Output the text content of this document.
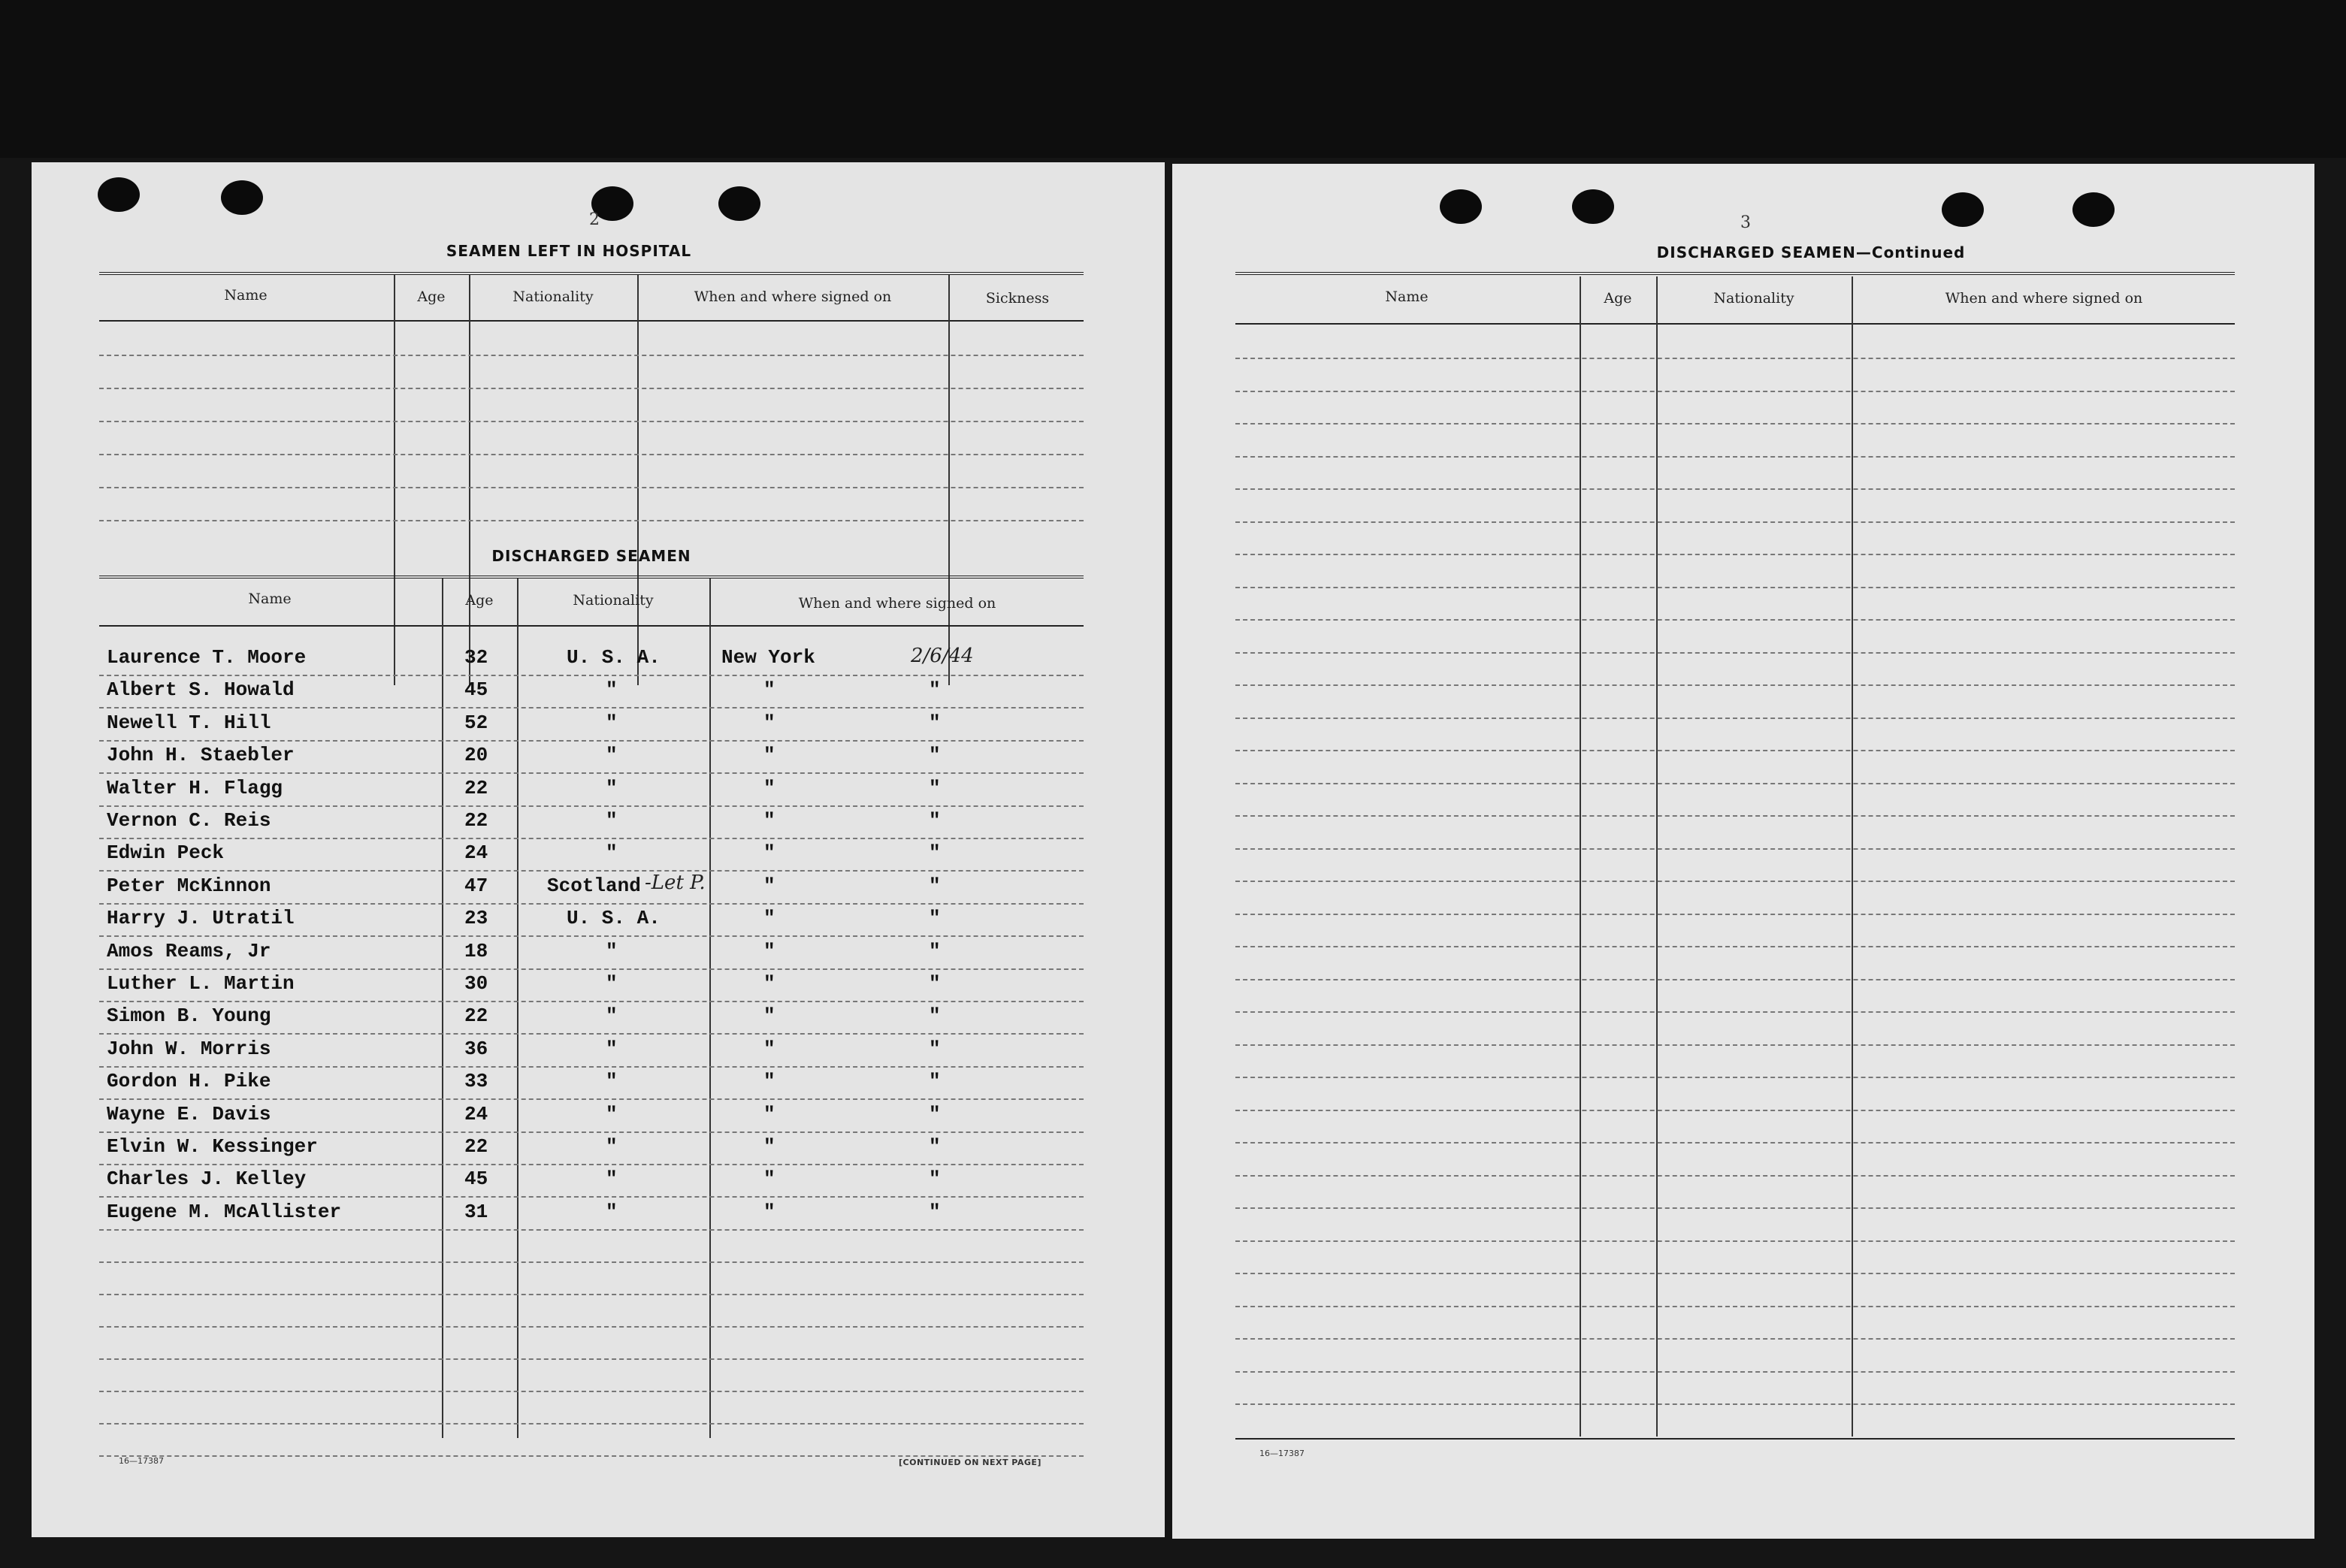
2
SEAMEN LEFT IN HOSPITAL
Name	Age	Nationality	When and where signed on	Sickness
DISCHARGED SEAMEN
Name	Age	Nationality	When and where signed on
Laurence T. Moore	32	U. S. A.	New York	2/6/44
Albert S. Howald	45	"	"	"
Newell T. Hill	52	"	"	"
John H. Staebler	20	"	"	"
Walter H. Flagg	22	"	"	"
Vernon C. Reis	22	"	"	"
Edwin Peck	24	"	"	"
Peter McKinnon	47	Scotland -Let P.	"	"
Harry J. Utratil	23	U. S. A.	"	"
Amos Reams, Jr	18	"	"	"
Luther L. Martin	30	"	"	"
Simon B. Young	22	"	"	"
John W. Morris	36	"	"	"
Gordon H. Pike	33	"	"	"
Wayne E. Davis	24	"	"	"
Elvin W. Kessinger	22	"	"	"
Charles J. Kelley	45	"	"	"
Eugene M. McAllister	31	"	"	"
16—17387	[CONTINUED ON NEXT PAGE]
3
DISCHARGED SEAMEN—Continued
Name	Age	Nationality	When and where signed on
16—17387
